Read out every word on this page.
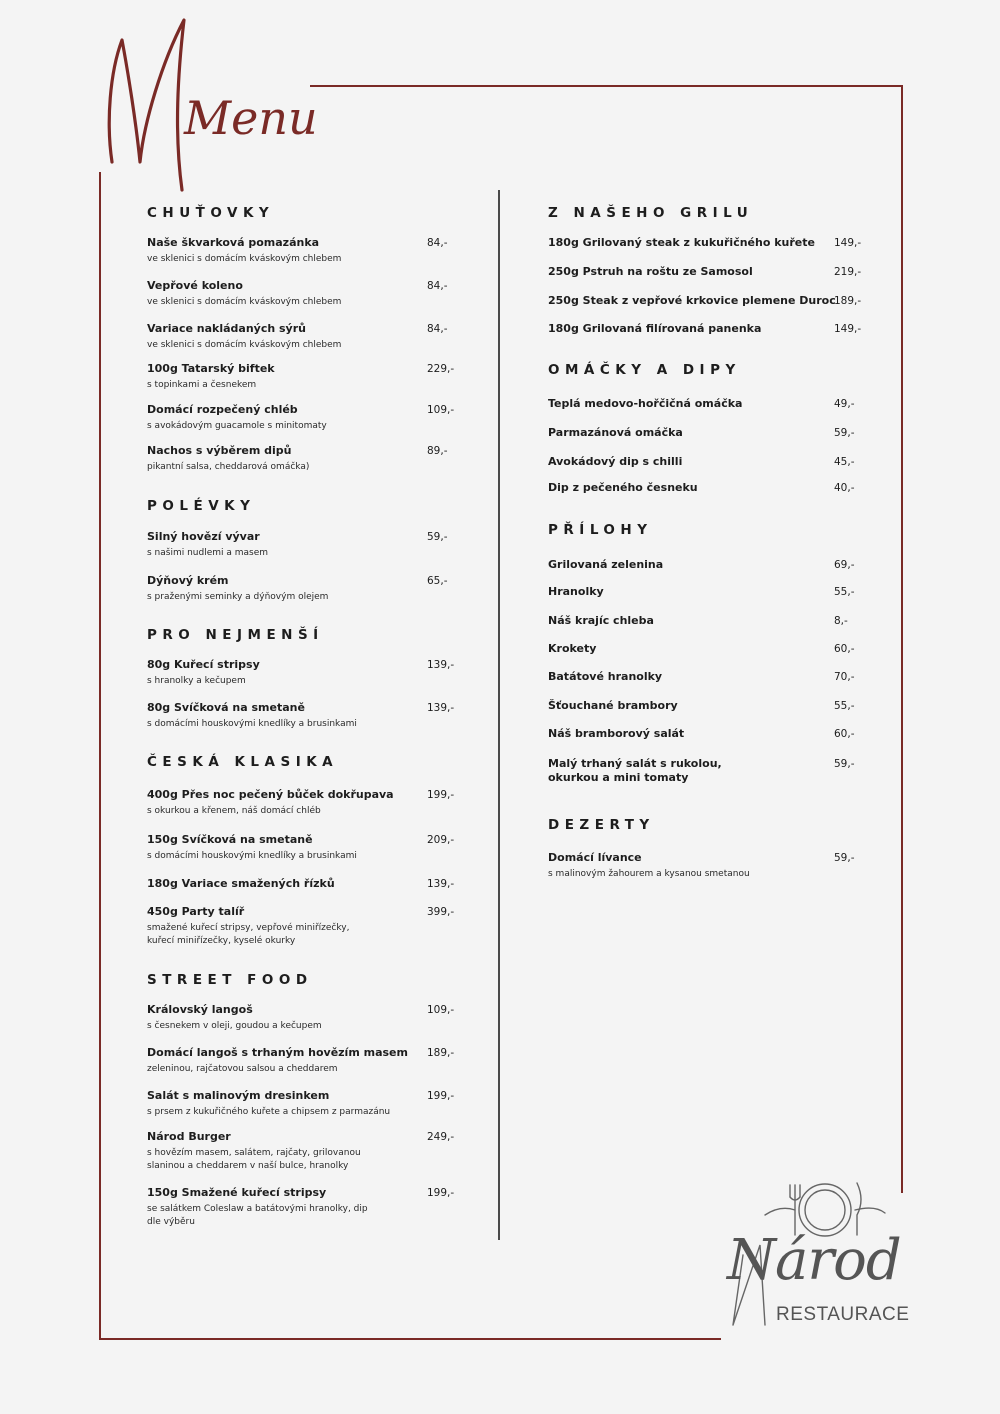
Menu
CHUŤOVKY
Naše škvarková pomazánka
ve sklenici s domácím kváskovým chlebem
84,-
Vepřové koleno
ve sklenici s domácím kváskovým chlebem
84,-
Variace nakládaných sýrů
ve sklenici s domácím kváskovým chlebem
84,-
100g Tatarský biftek
s topinkami a česnekem
229,-
Domácí rozpečený chléb
s avokádovým guacamole s minitomaty
109,-
Nachos s výběrem dipů
pikantní salsa, cheddarová omáčka)
89,-
POLÉVKY
Silný hovězí vývar
s našimi nudlemi a masem
59,-
Dýňový krém
s praženými seminky a dýňovým olejem
65,-
PRO NEJMENŠÍ
80g Kuřecí stripsy
s hranolky a kečupem
139,-
80g Svíčková na smetaně
s domácími houskovými knedlíky a brusinkami
139,-
ČESKÁ KLASIKA
400g Přes noc pečený bůček dokřupava
s okurkou a křenem, náš domácí chléb
199,-
150g Svíčková na smetaně
s domácími houskovými knedlíky a brusinkami
209,-
180g Variace smažených řízků	139,-
450g Party talíř
smažené kuřecí stripsy, vepřové miniřízečky, kuřecí miniřízečky, kyselé okurky
399,-
STREET FOOD
Královský langoš
s česnekem v oleji, goudou a kečupem
109,-
Domácí langoš s trhaným hovězím masem
zeleninou, rajčatovou salsou a cheddarem
189,-
Salát s malinovým dresinkem
s prsem z kukuřičného kuřete a chipsem z parmazánu
199,-
Národ Burger
s hovězím masem, salátem, rajčaty, grilovanou slaninou a cheddarem v naší bulce, hranolky
249,-
150g Smažené kuřecí stripsy
se salátkem Coleslaw a batátovými hranolky, dip dle výběru
199,-
Z NAŠEHO GRILU
180g Grilovaný steak z kukuřičného kuřete	149,-
250g Pstruh na roštu ze Samosol	219,-
250g Steak z vepřové krkovice plemene Duroc
189,-
180g Grilovaná filírovaná panenka	149,-
OMÁČKY A DIPY
Teplá medovo-hořčičná omáčka	49,-
Parmazánová omáčka	59,-
Avokádový dip s chilli	45,-
Dip z pečeného česneku	40,-
PŘÍLOHY
Grilovaná zelenina	69,-
Hranolky	55,-
Náš krajíc chleba	8,-
Krokety	60,-
Batátové hranolky	70,-
Šťouchané brambory	55,-
Náš bramborový salát	60,-
Malý trhaný salát s rukolou, okurkou a mini tomaty
59,-
DEZERTY
Domácí lívance
s malinovým žahourem a kysanou smetanou
59,-
Národ
RESTAURACE
